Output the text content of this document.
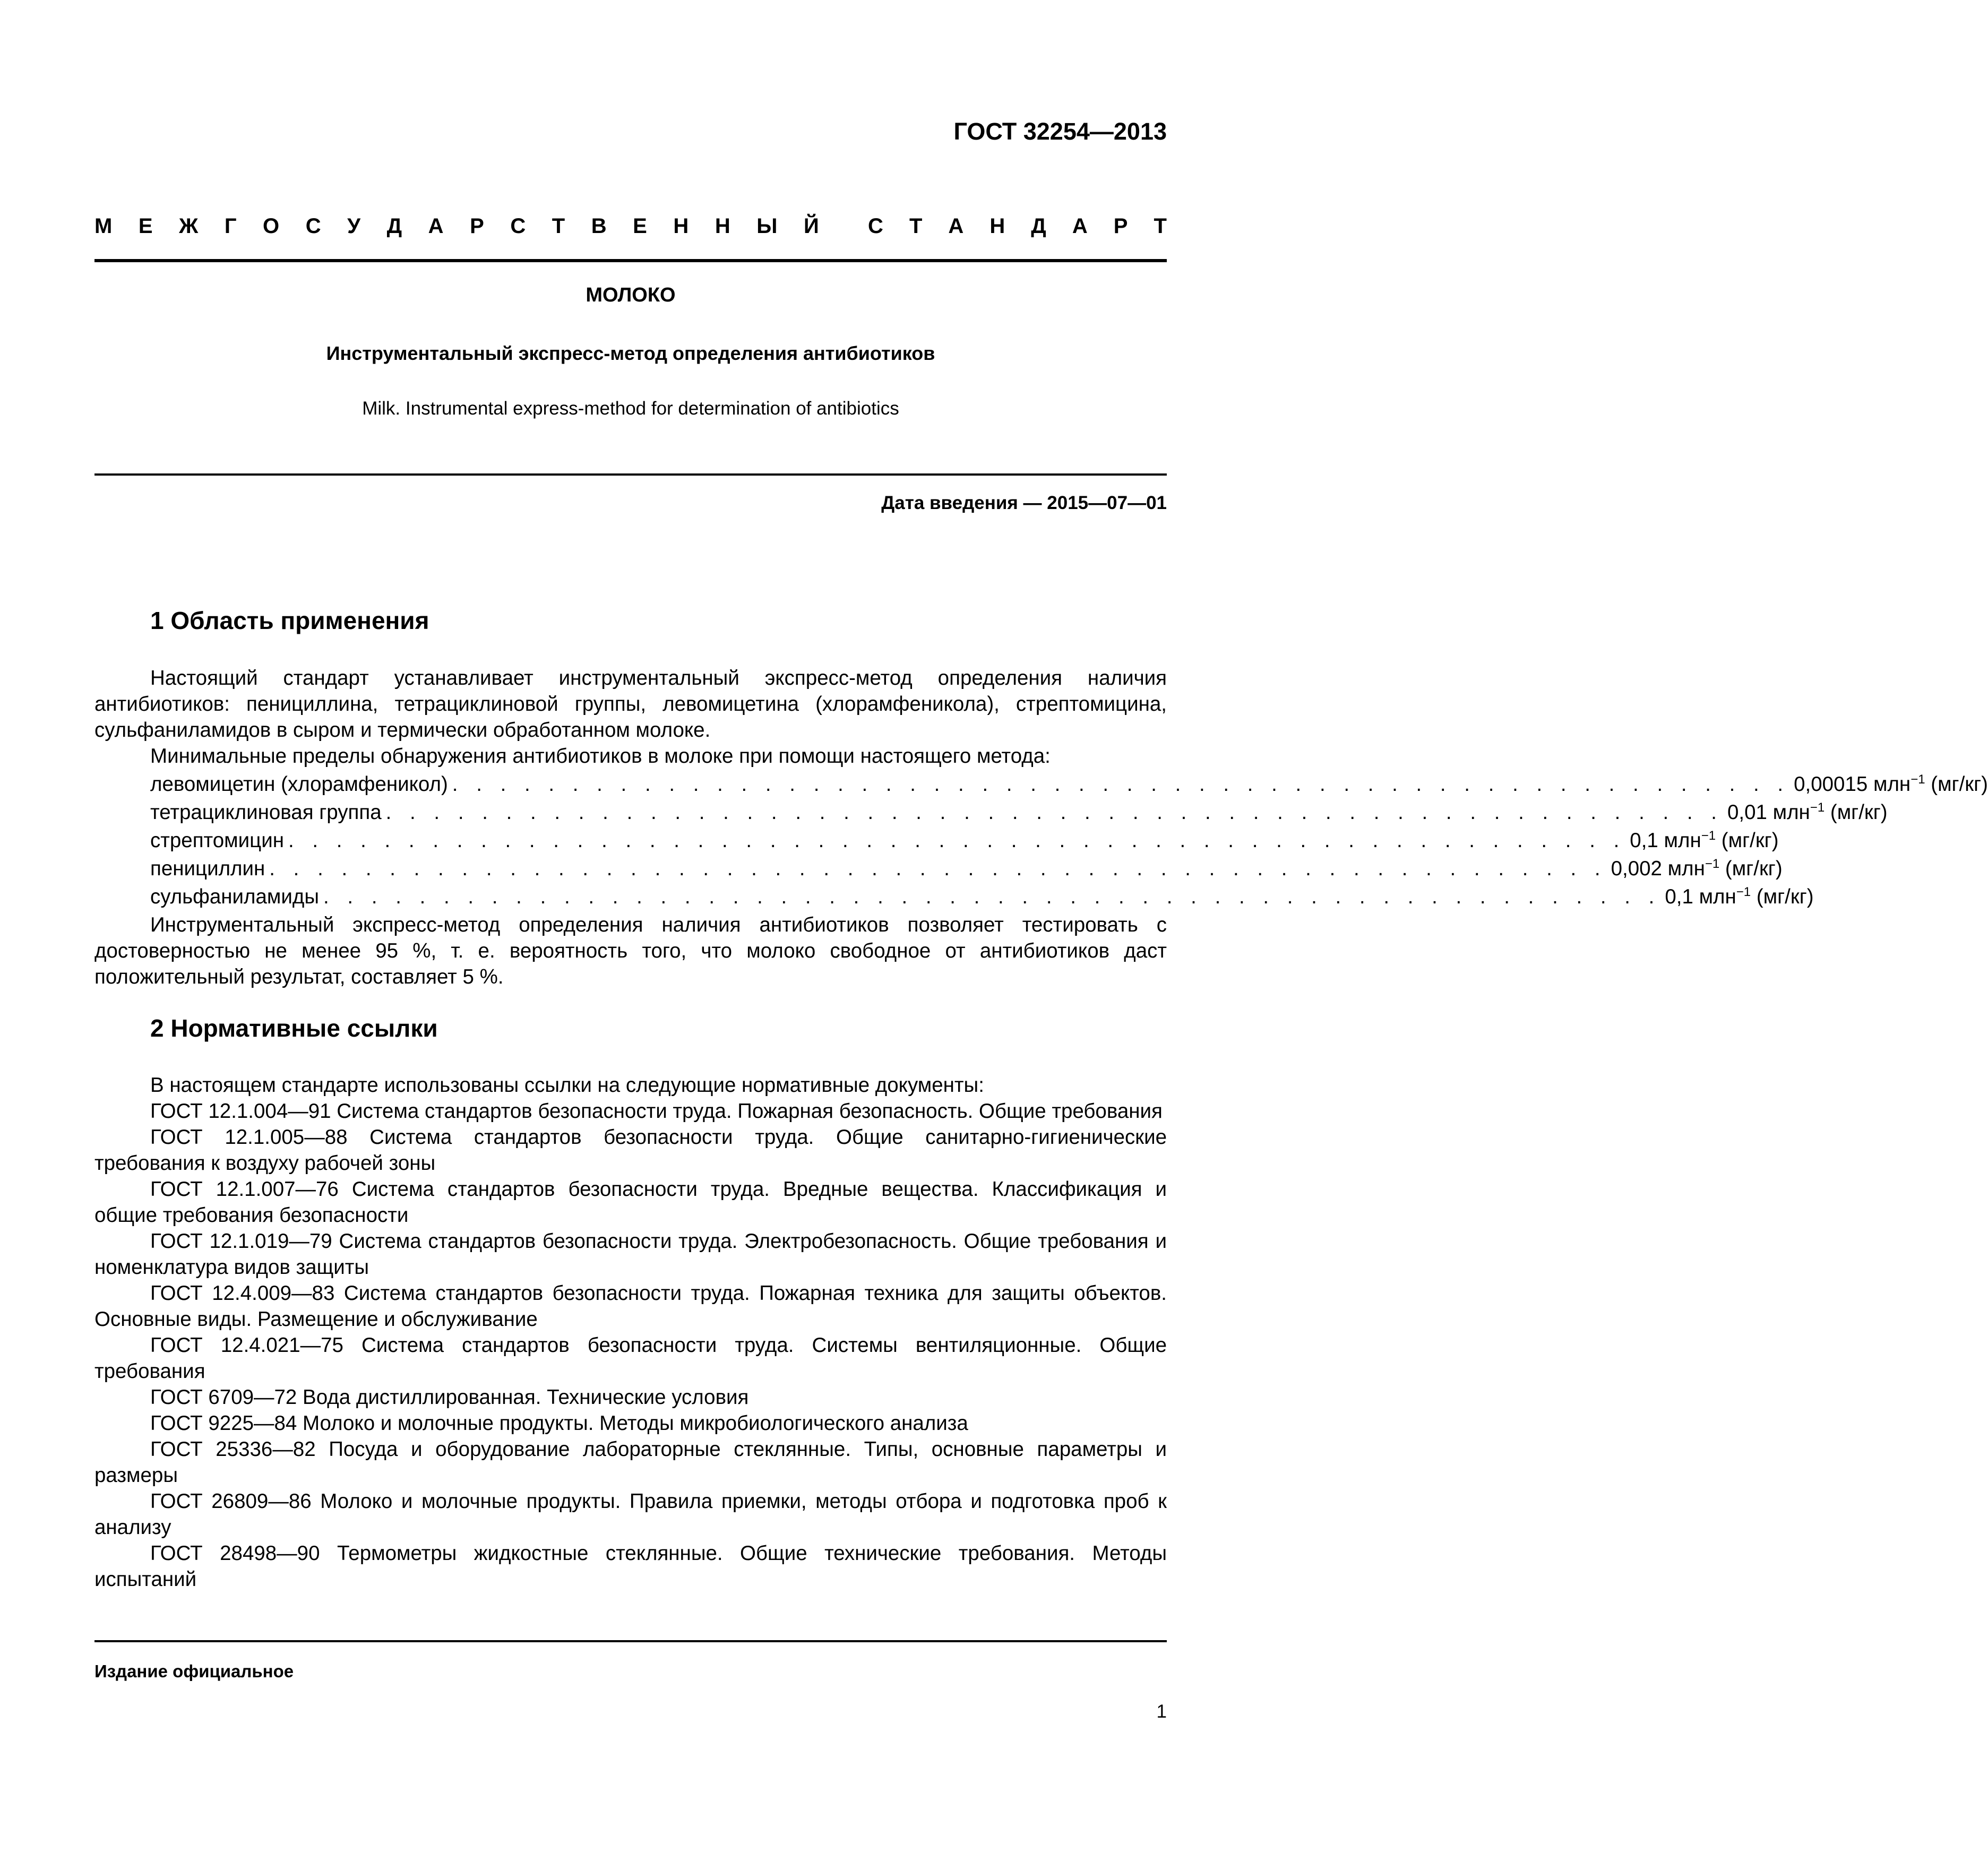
ГОСТ 32254—2013

М Е Ж Г О С У Д А Р С Т В Е Н Н Ы Й С Т А Н Д А Р Т

МОЛОКО

Инструментальный экспресс-метод определения антибиотиков

Milk. Instrumental express-method for determination of antibiotics

Дата введения — 2015—07—01

1 Область применения

Настоящий стандарт устанавливает инструментальный экспресс-метод определения наличия антибиотиков: пенициллина, тетрациклиновой группы, левомицетина (хлорамфеникола), стрептомицина, сульфаниламидов в сыром и термически обработанном молоке.

Минимальные пределы обнаружения антибиотиков в молоке при помощи настоящего метода:

левомицетин (хлорамфеникол) . . . . . . . . . . . . . . . . . . . . . . . . . . . . . . . . . . . . . . . . . . . . . . . . . . . . . . . . 0,00015 млн$^{-1}$ (мг/кг)
тетрациклиновая группа . . . . . . . . . . . . . . . . . . . . . . . . . . . . . . . . . . . . . . . . . . . . . . . . . . . . . . . . 0,01 млн$^{-1}$ (мг/кг)
стрептомицин . . . . . . . . . . . . . . . . . . . . . . . . . . . . . . . . . . . . . . . . . . . . . . . . . . . . . . . . 0,1 млн$^{-1}$ (мг/кг)
пенициллин . . . . . . . . . . . . . . . . . . . . . . . . . . . . . . . . . . . . . . . . . . . . . . . . . . . . . . . . 0,002 млн$^{-1}$ (мг/кг)
сульфаниламиды . . . . . . . . . . . . . . . . . . . . . . . . . . . . . . . . . . . . . . . . . . . . . . . . . . . . . . . . 0,1 млн$^{-1}$ (мг/кг)

Инструментальный экспресс-метод определения наличия антибиотиков позволяет тестировать с достоверностью не менее 95 %, т. е. вероятность того, что молоко свободное от антибиотиков даст положительный результат, составляет 5 %.

2 Нормативные ссылки

В настоящем стандарте использованы ссылки на следующие нормативные документы:

ГОСТ 12.1.004—91 Система стандартов безопасности труда. Пожарная безопасность. Общие требования

ГОСТ 12.1.005—88 Система стандартов безопасности труда. Общие санитарно-гигиенические требования к воздуху рабочей зоны

ГОСТ 12.1.007—76 Система стандартов безопасности труда. Вредные вещества. Классификация и общие требования безопасности

ГОСТ 12.1.019—79 Система стандартов безопасности труда. Электробезопасность. Общие требования и номенклатура видов защиты

ГОСТ 12.4.009—83 Система стандартов безопасности труда. Пожарная техника для защиты объектов. Основные виды. Размещение и обслуживание

ГОСТ 12.4.021—75 Система стандартов безопасности труда. Системы вентиляционные. Общие требования

ГОСТ 6709—72 Вода дистиллированная. Технические условия

ГОСТ 9225—84 Молоко и молочные продукты. Методы микробиологического анализа

ГОСТ 25336—82 Посуда и оборудование лабораторные стеклянные. Типы, основные параметры и размеры

ГОСТ 26809—86 Молоко и молочные продукты. Правила приемки, методы отбора и подготовка проб к анализу

ГОСТ 28498—90 Термометры жидкостные стеклянные. Общие технические требования. Методы испытаний

Издание официальное

1
